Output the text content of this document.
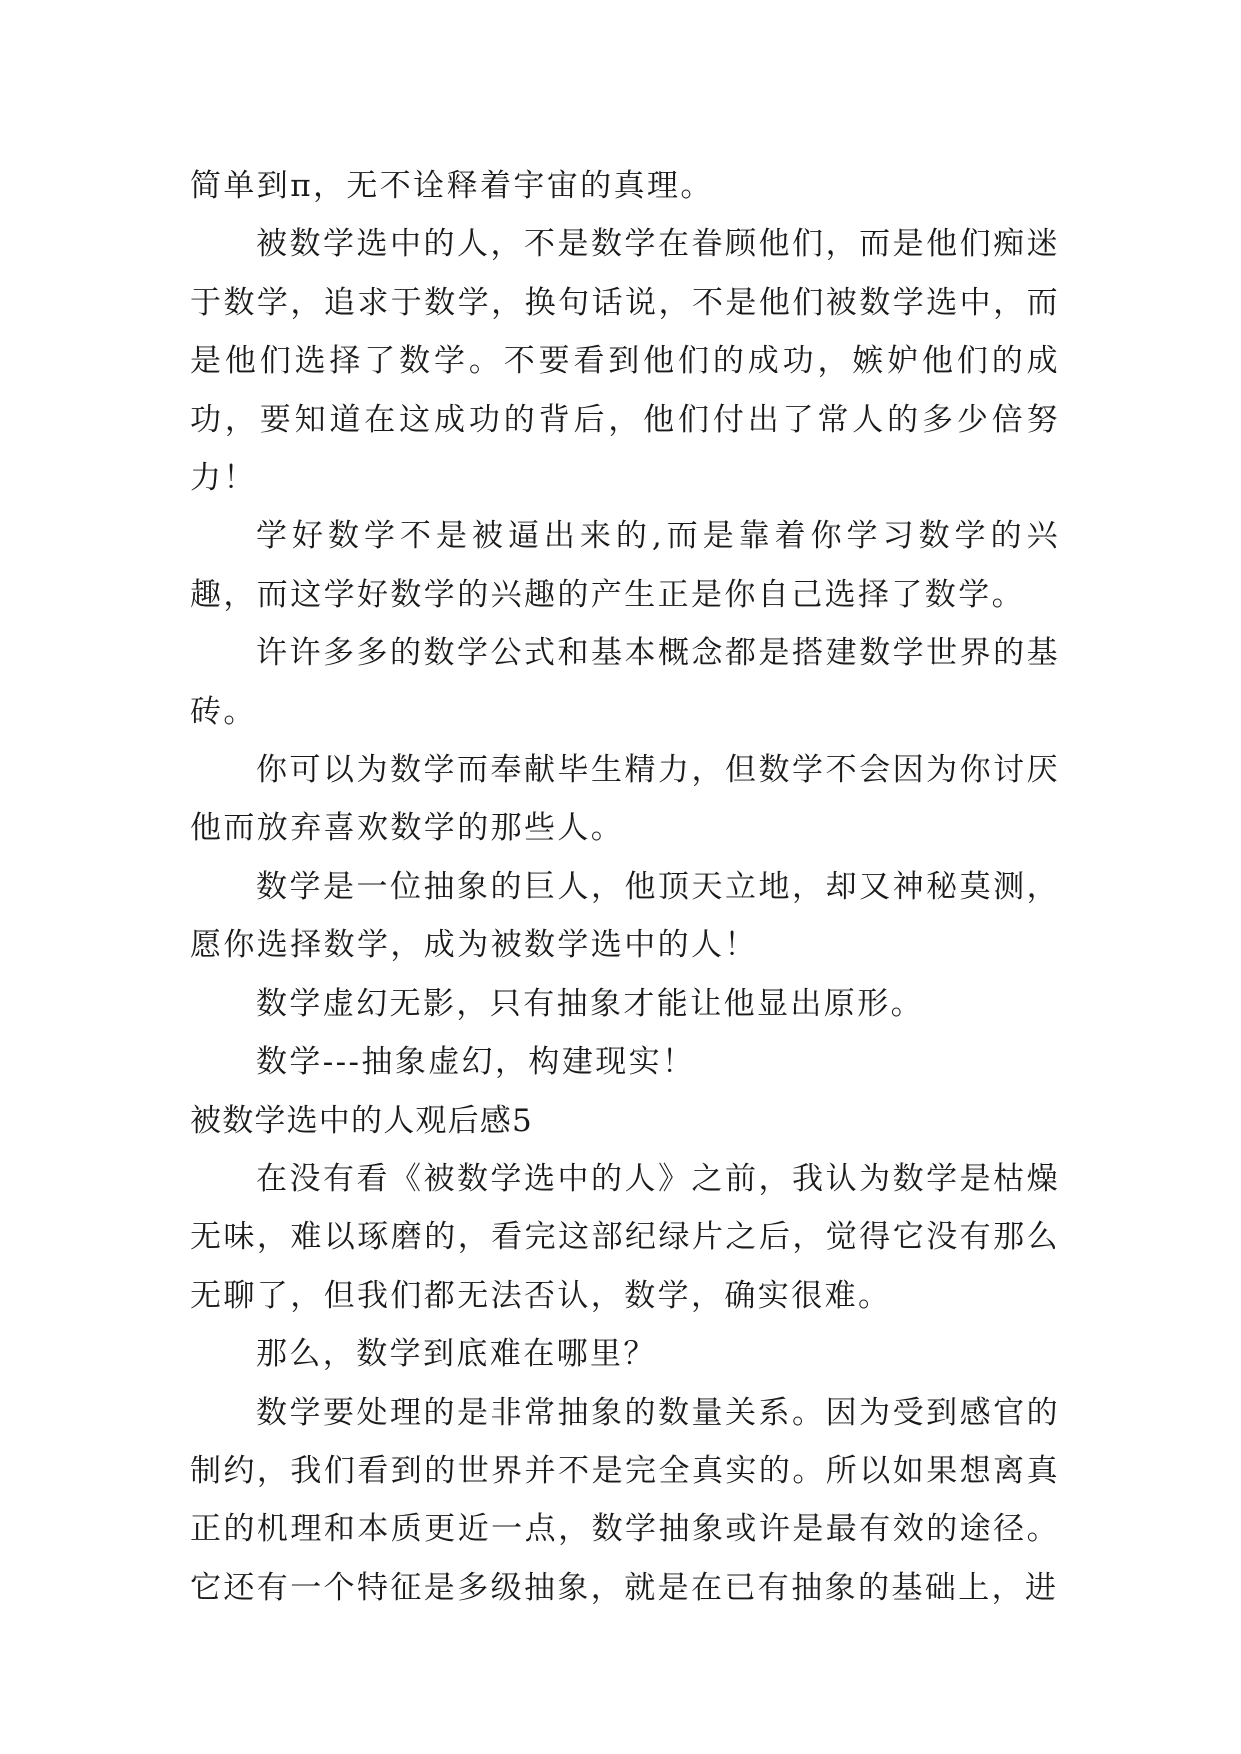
简单到π，无不诠释着宇宙的真理。

被数学选中的人，不是数学在眷顾他们，而是他们痴迷于数学，追求于数学，换句话说，不是他们被数学选中，而是他们选择了数学。不要看到他们的成功，嫉妒他们的成功，要知道在这成功的背后，他们付出了常人的多少倍努力！

学好数学不是被逼出来的,而是靠着你学习数学的兴趣，而这学好数学的兴趣的产生正是你自己选择了数学。

许许多多的数学公式和基本概念都是搭建数学世界的基砖。

你可以为数学而奉献毕生精力，但数学不会因为你讨厌他而放弃喜欢数学的那些人。

数学是一位抽象的巨人，他顶天立地，却又神秘莫测，愿你选择数学，成为被数学选中的人！

数学虚幻无影，只有抽象才能让他显出原形。

数学---抽象虚幻，构建现实！

被数学选中的人观后感5

在没有看《被数学选中的人》之前，我认为数学是枯燥无味，难以琢磨的，看完这部纪绿片之后，觉得它没有那么无聊了，但我们都无法否认，数学，确实很难。

那么，数学到底难在哪里？

数学要处理的是非常抽象的数量关系。因为受到感官的制约，我们看到的世界并不是完全真实的。所以如果想离真正的机理和本质更近一点，数学抽象或许是最有效的途径。它还有一个特征是多级抽象，就是在已有抽象的基础上，进
